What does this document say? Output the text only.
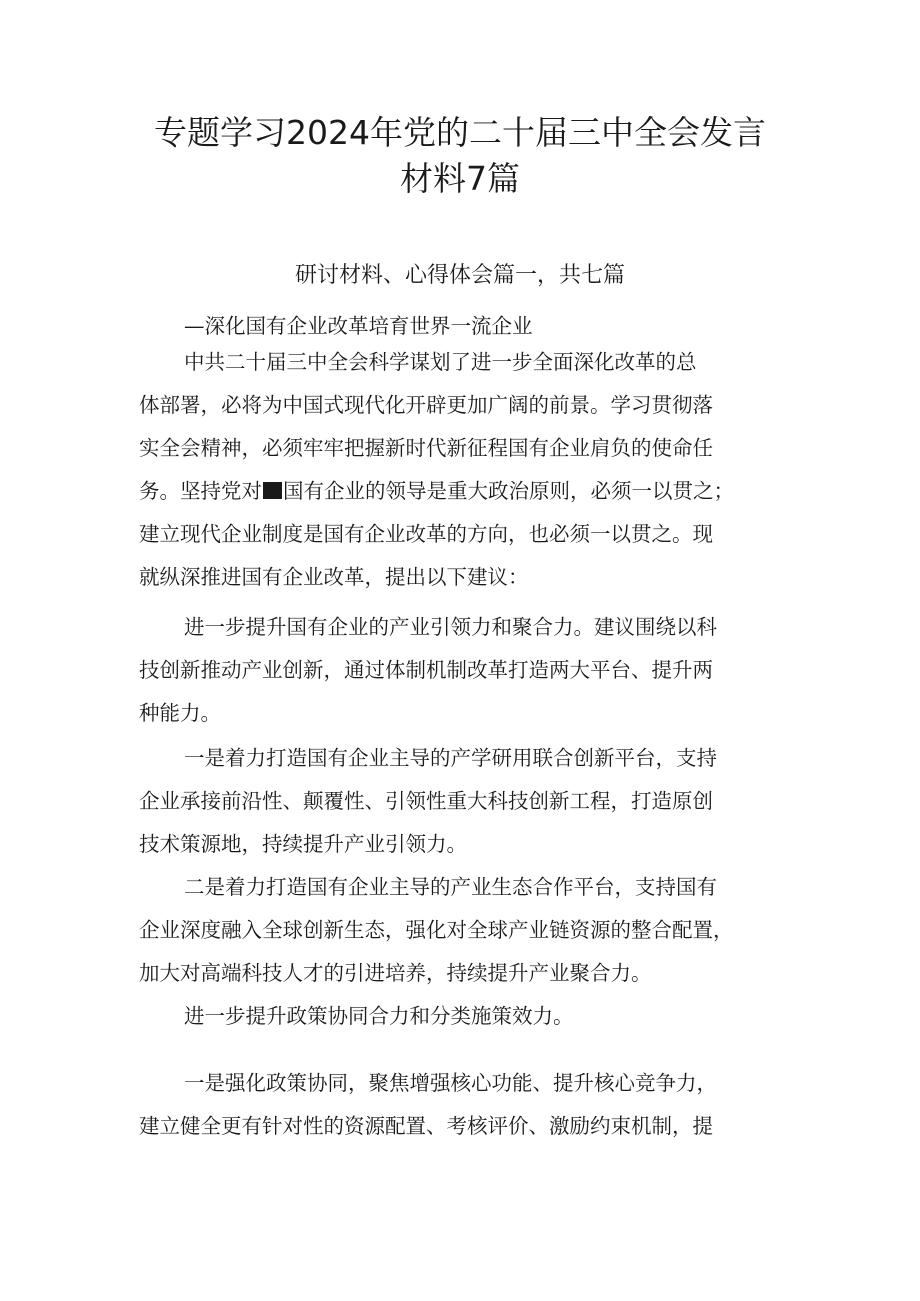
专题学习2024年党的二十届三中全会发言
材料7篇
研讨材料、心得体会篇一，共七篇

—深化国有企业改革培育世界一流企业

中共二十届三中全会科学谋划了进一步全面深化改革的总

体部署，必将为中国式现代化开辟更加广阔的前景。学习贯彻落

实全会精神，必须牢牢把握新时代新征程国有企业肩负的使命任

务。坚持党对 国有企业的领导是重大政治原则，必须一以贯之；

建立现代企业制度是国有企业改革的方向，也必须一以贯之。现

就纵深推进国有企业改革，提出以下建议：

进一步提升国有企业的产业引领力和聚合力。建议围绕以科

技创新推动产业创新，通过体制机制改革打造两大平台、提升两

种能力。

一是着力打造国有企业主导的产学研用联合创新平台，支持

企业承接前沿性、颠覆性、引领性重大科技创新工程，打造原创

技术策源地，持续提升产业引领力。

二是着力打造国有企业主导的产业生态合作平台，支持国有

企业深度融入全球创新生态，强化对全球产业链资源的整合配置，

加大对高端科技人才的引进培养，持续提升产业聚合力。

进一步提升政策协同合力和分类施策效力。

一是强化政策协同，聚焦增强核心功能、提升核心竞争力，

建立健全更有针对性的资源配置、考核评价、激励约束机制，提
